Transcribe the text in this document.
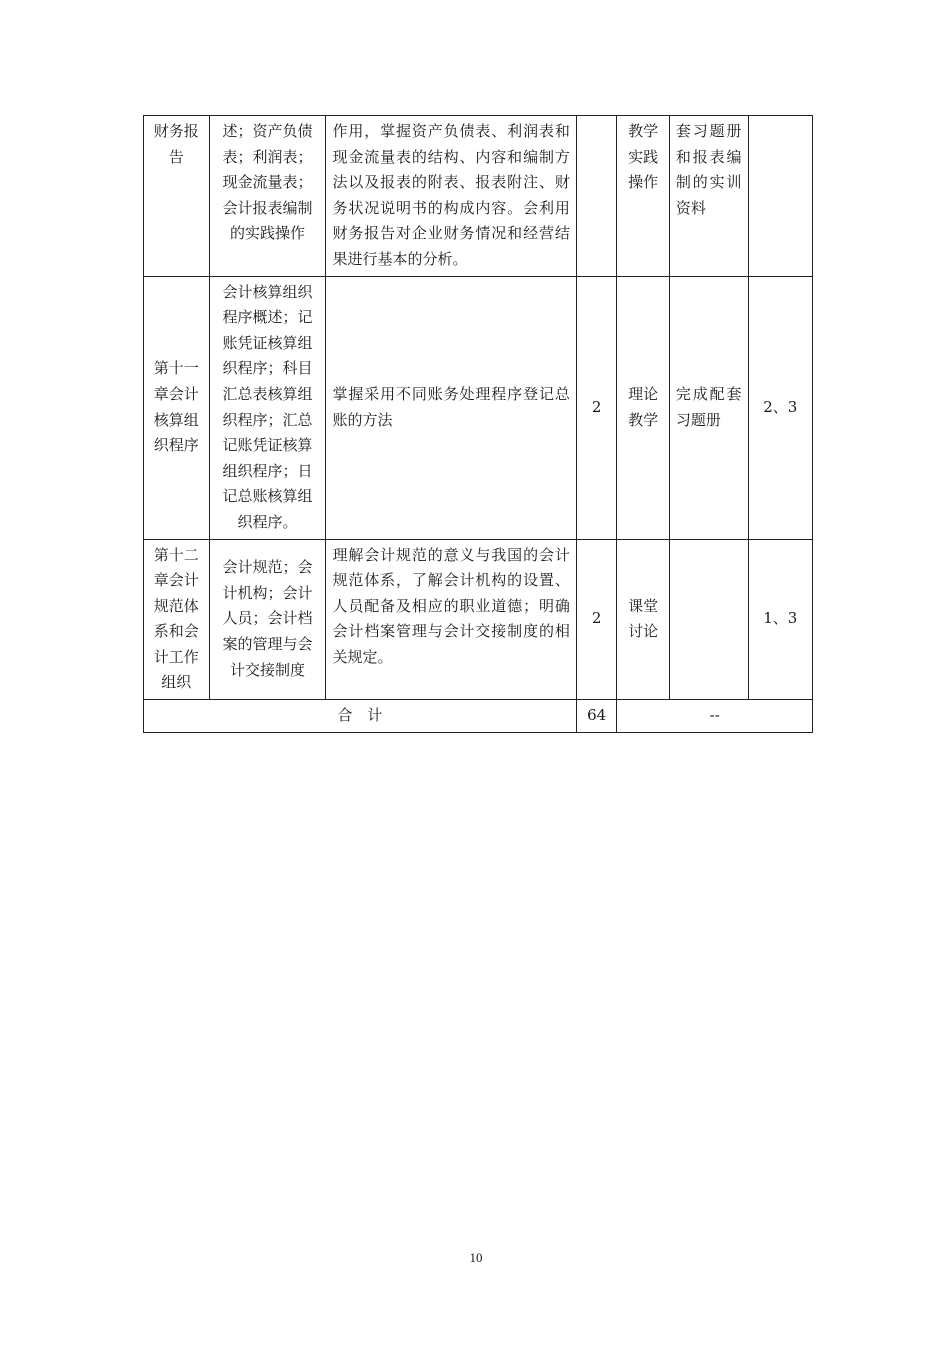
财务报告	述；资产负债表；利润表；现金流量表；会计报表编制的实践操作	作用，掌握资产负债表、利润表和现金流量表的结构、内容和编制方法以及报表的附表、报表附注、财务状况说明书的构成内容。会利用财务报告对企业财务情况和经营结果进行基本的分析。		教学实践操作	套习题册和报表编制的实训资料	
第十一章会计核算组织程序	会计核算组织程序概述；记账凭证核算组织程序；科目汇总表核算组织程序；汇总记账凭证核算组织程序；日记总账核算组织程序。	掌握采用不同账务处理程序登记总账的方法	2	理论教学	完成配套习题册	2、3
第十二章会计规范体系和会计工作组织	会计规范；会计机构；会计人员；会计档案的管理与会计交接制度	理解会计规范的意义与我国的会计规范体系，了解会计机构的设置、人员配备及相应的职业道德；明确会计档案管理与会计交接制度的相关规定。	2	课堂讨论		1、3
合　计			64	--		
10
